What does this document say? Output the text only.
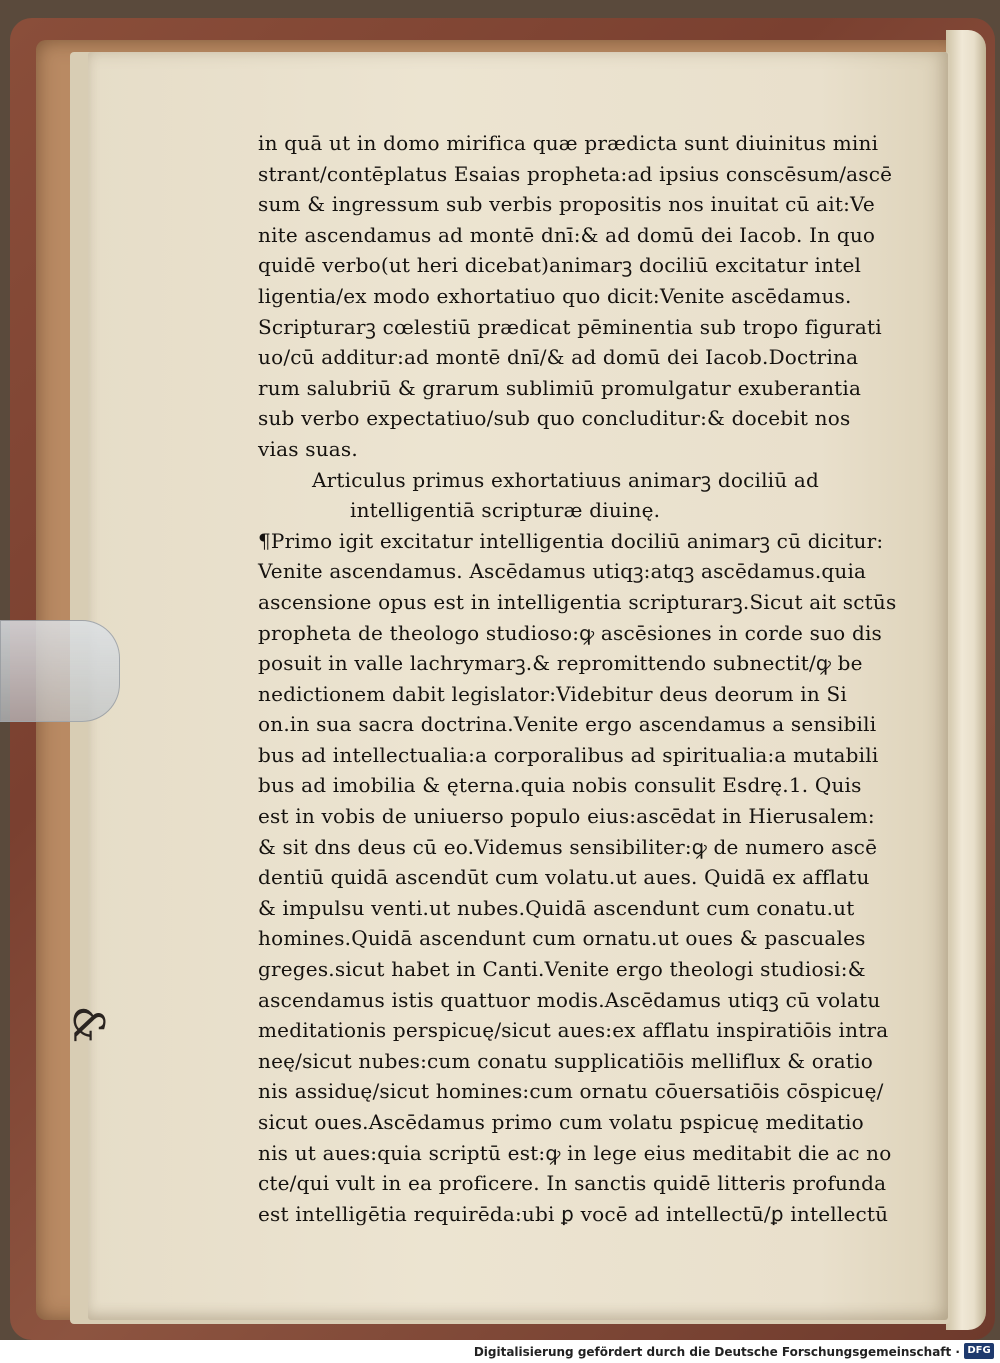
&
in quā ut in domo mirifica quæ prædicta sunt diuinitus mini
strant/contēplatus Esaias propheta:ad ipsius conscēsum/ascē
sum & ingressum sub verbis propositis nos inuitat cū ait:Ve
nite ascendamus ad montē dnī:& ad domū dei Iacob. In quo
quidē verbo(ut heri dicebat)animarꝫ dociliū excitatur intel
ligentia/ex modo exhortatiuo quo dicit:Venite ascēdamus.
Scripturarꝫ cœlestiū prædicat pēminentia sub tropo figurati
uo/cū additur:ad montē dnī/& ad domū dei Iacob.Doctrina
rum salubriū & grarum sublimiū promulgatur exuberantia
sub verbo expectatiuo/sub quo concluditur:& docebit nos
vias suas.
Articulus primus exhortatiuus animarꝫ dociliū ad
intelligentiā scripturæ diuinę.
¶Primo igit excitatur intelligentia dociliū animarꝫ cū dicitur:
Venite ascendamus. Ascēdamus utiqꝫ:atqꝫ ascēdamus.quia
ascensione opus est in intelligentia scripturarꝫ.Sicut ait sctūs
propheta de theologo studioso:ꝙ ascēsiones in corde suo dis
posuit in valle lachrymarꝫ.& repromittendo subnectit/ꝙ be
nedictionem dabit legislator:Videbitur deus deorum in Si
on.in sua sacra doctrina.Venite ergo ascendamus a sensibili
bus ad intellectualia:a corporalibus ad spiritualia:a mutabili
bus ad imobilia & ęterna.quia nobis consulit Esdrę.1. Quis
est in vobis de uniuerso populo eius:ascēdat in Hierusalem:
& sit dns deus cū eo.Videmus sensibiliter:ꝙ de numero ascē
dentiū quidā ascendūt cum volatu.ut aues. Quidā ex afflatu
& impulsu venti.ut nubes.Quidā ascendunt cum conatu.ut
homines.Quidā ascendunt cum ornatu.ut oues & pascuales
greges.sicut habet in Canti.Venite ergo theologi studiosi:&
ascendamus istis quattuor modis.Ascēdamus utiqꝫ cū volatu
meditationis perspicuę/sicut aues:ex afflatu inspiratiōis intra
neę/sicut nubes:cum conatu supplicatiōis melliflux & oratio
nis assiduę/sicut homines:cum ornatu cōuersatiōis cōspicuę/
sicut oues.Ascēdamus primo cum volatu pspicuę meditatio
nis ut aues:quia scriptū est:ꝙ in lege eius meditabit die ac no
cte/qui vult in ea proficere. In sanctis quidē litteris profunda
est intelligētia requirēda:ubi ꝑ vocē ad intellectū/ꝑ intellectū
Digitalisierung gefördert durch die Deutsche Forschungsgemeinschaft · DFG
